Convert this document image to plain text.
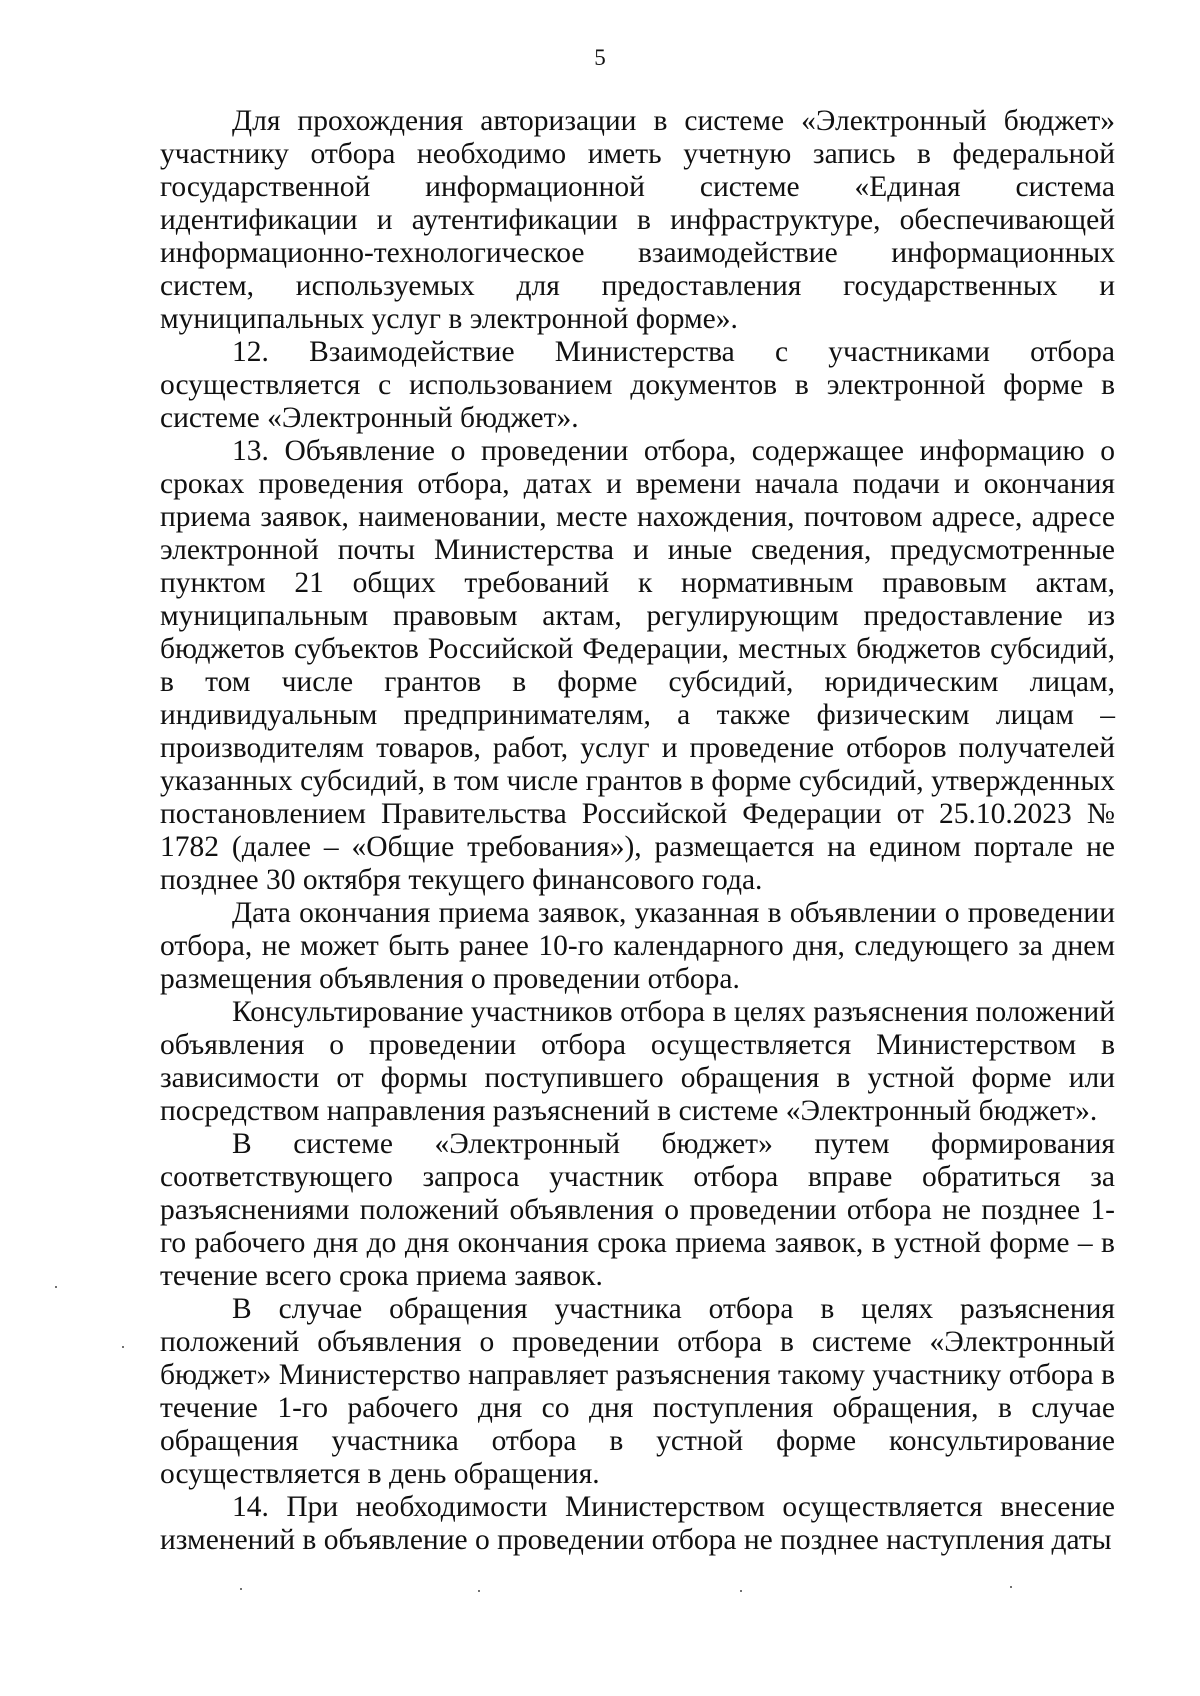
5

Для прохождения авторизации в системе «Электронный бюджет» участнику отбора необходимо иметь учетную запись в федеральной государственной информационной системе «Единая система идентификации и аутентификации в инфраструктуре, обеспечивающей информационно-технологическое взаимодействие информационных систем, используемых для предоставления государственных и муниципальных услуг в электронной форме».

12. Взаимодействие Министерства с участниками отбора осуществляется с использованием документов в электронной форме в системе «Электронный бюджет».

13. Объявление о проведении отбора, содержащее информацию о сроках проведения отбора, датах и времени начала подачи и окончания приема заявок, наименовании, месте нахождения, почтовом адресе, адресе электронной почты Министерства и иные сведения, предусмотренные пунктом 21 общих требований к нормативным правовым актам, муниципальным правовым актам, регулирующим предоставление из бюджетов субъектов Российской Федерации, местных бюджетов субсидий, в том числе грантов в форме субсидий, юридическим лицам, индивидуальным предпринимателям, а также физическим лицам – производителям товаров, работ, услуг и проведение отборов получателей указанных субсидий, в том числе грантов в форме субсидий, утвержденных постановлением Правительства Российской Федерации от 25.10.2023 № 1782 (далее – «Общие требования»), размещается на едином портале не позднее 30 октября текущего финансового года.

Дата окончания приема заявок, указанная в объявлении о проведении отбора, не может быть ранее 10-го календарного дня, следующего за днем размещения объявления о проведении отбора.

Консультирование участников отбора в целях разъяснения положений объявления о проведении отбора осуществляется Министерством в зависимости от формы поступившего обращения в устной форме или посредством направления разъяснений в системе «Электронный бюджет».

В системе «Электронный бюджет» путем формирования соответствующего запроса участник отбора вправе обратиться за разъяснениями положений объявления о проведении отбора не позднее 1-го рабочего дня до дня окончания срока приема заявок, в устной форме – в течение всего срока приема заявок.

В случае обращения участника отбора в целях разъяснения положений объявления о проведении отбора в системе «Электронный бюджет» Министерство направляет разъяснения такому участнику отбора в течение 1-го рабочего дня со дня поступления обращения, в случае обращения участника отбора в устной форме консультирование осуществляется в день обращения.

14. При необходимости Министерством осуществляется внесение изменений в объявление о проведении отбора не позднее наступления даты
